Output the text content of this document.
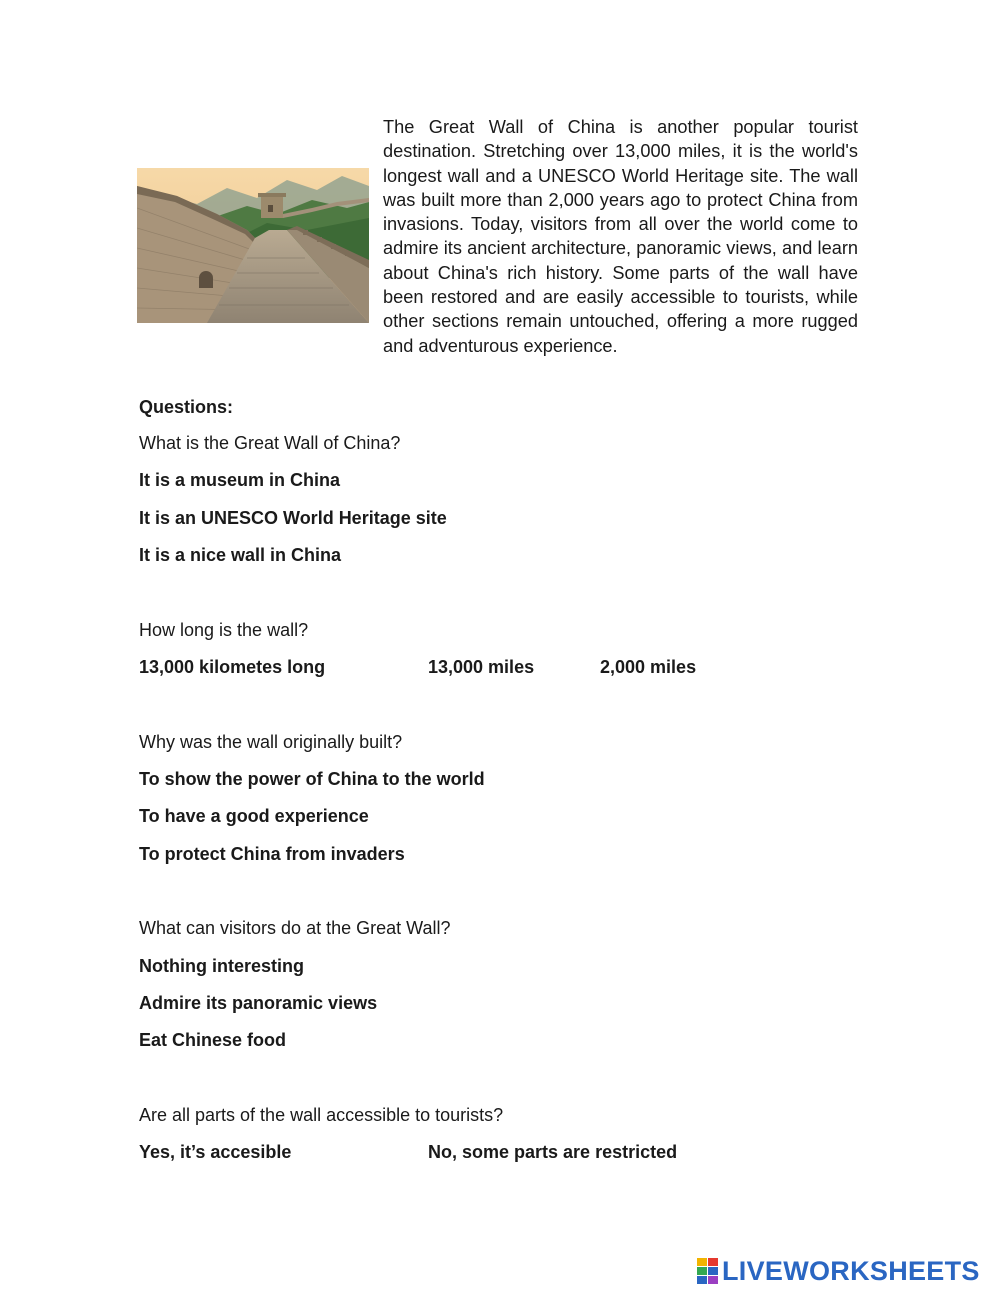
The Great Wall of China is another popular tourist destination. Stretching over 13,000 miles, it is the world's longest wall and a UNESCO World Heritage site. The wall was built more than 2,000 years ago to protect China from invasions. Today, visitors from all over the world come to admire its ancient architecture, panoramic views, and learn about China's rich history. Some parts of the wall have been restored and are easily accessible to tourists, while other sections remain untouched, offering a more rugged and adventurous experience.

Questions:

What is the Great Wall of China?

It is a museum in China

It is an UNESCO World Heritage site

It is a nice wall in China

How long is the wall?

13,000 kilometes long	13,000 miles	2,000 miles

Why was the wall originally built?

To show the power of China to the world

To have a good experience

To protect China from invaders

What can visitors do at the Great Wall?

Nothing interesting

Admire its panoramic views

Eat Chinese food

Are all parts of the wall accessible to tourists?

Yes, it’s accesible	No, some parts are restricted

LIVEWORKSHEETS
